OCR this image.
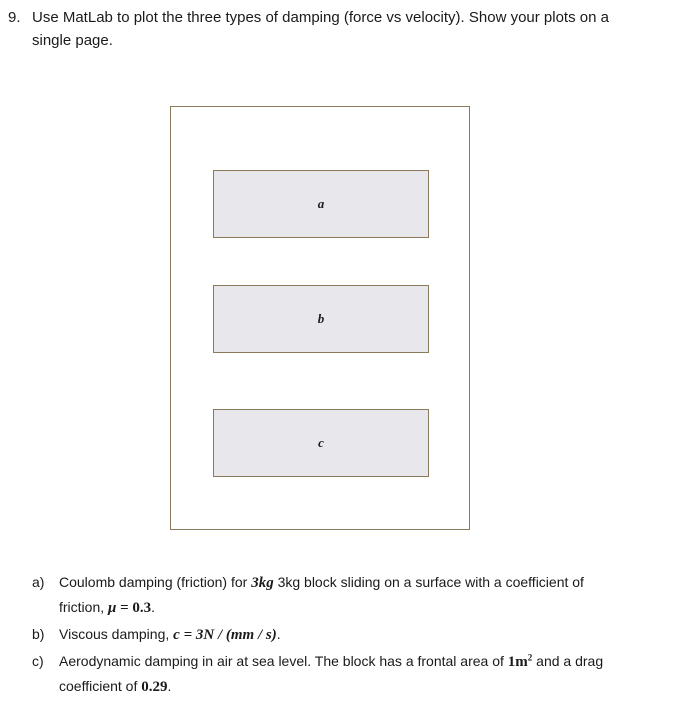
9. Use MatLab to plot the three types of damping (force vs velocity). Show your plots on a
single page.
a
b
c
a) Coulomb damping (friction) for 3kg 3kg block sliding on a surface with a coefficient of
friction, μ = 0.3.
b) Viscous damping, c = 3N / (mm / s).
c) Aerodynamic damping in air at sea level. The block has a frontal area of $1m^2$ and a drag
coefficient of 0.29.
